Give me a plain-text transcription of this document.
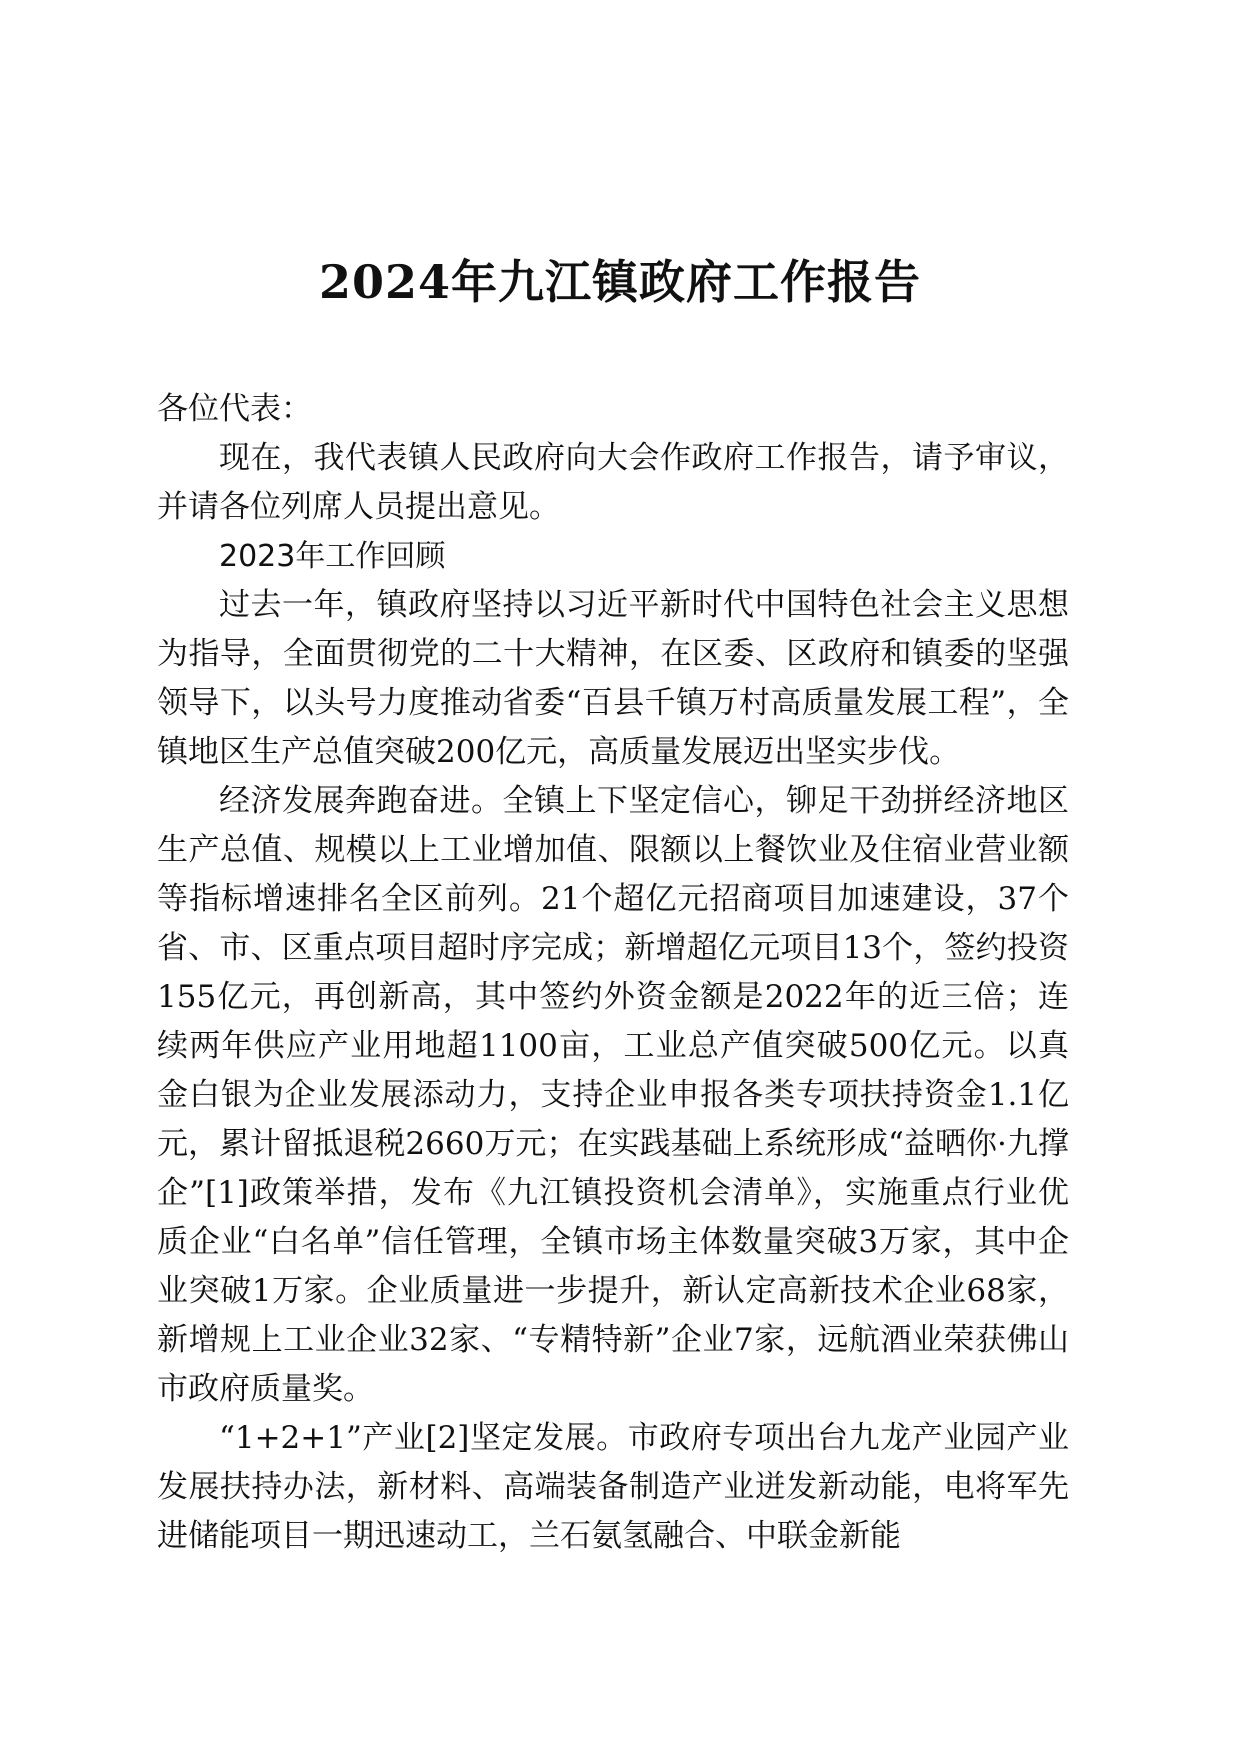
2024年九江镇政府工作报告

各位代表：

现在，我代表镇人民政府向大会作政府工作报告，请予审议，并请各位列席人员提出意见。

2023年工作回顾

过去一年，镇政府坚持以习近平新时代中国特色社会主义思想为指导，全面贯彻党的二十大精神，在区委、区政府和镇委的坚强领导下，以头号力度推动省委“百县千镇万村高质量发展工程”，全镇地区生产总值突破200亿元，高质量发展迈出坚实步伐。

经济发展奔跑奋进。全镇上下坚定信心，铆足干劲拼经济地区生产总值、规模以上工业增加值、限额以上餐饮业及住宿业营业额等指标增速排名全区前列。21个超亿元招商项目加速建设，37个省、市、区重点项目超时序完成；新增超亿元项目13个，签约投资155亿元，再创新高，其中签约外资金额是2022年的近三倍；连续两年供应产业用地超1100亩，工业总产值突破500亿元。以真金白银为企业发展添动力，支持企业申报各类专项扶持资金1.1亿元，累计留抵退税2660万元；在实践基础上系统形成“益晒你·九撑企”[1]政策举措，发布《九江镇投资机会清单》，实施重点行业优质企业“白名单”信任管理，全镇市场主体数量突破3万家，其中企业突破1万家。企业质量进一步提升，新认定高新技术企业68家，新增规上工业企业32家、“专精特新”企业7家，远航酒业荣获佛山市政府质量奖。

“1+2+1”产业[2]坚定发展。市政府专项出台九龙产业园产业发展扶持办法，新材料、高端装备制造产业迸发新动能，电将军先进储能项目一期迅速动工，兰石氨氢融合、中联金新能
